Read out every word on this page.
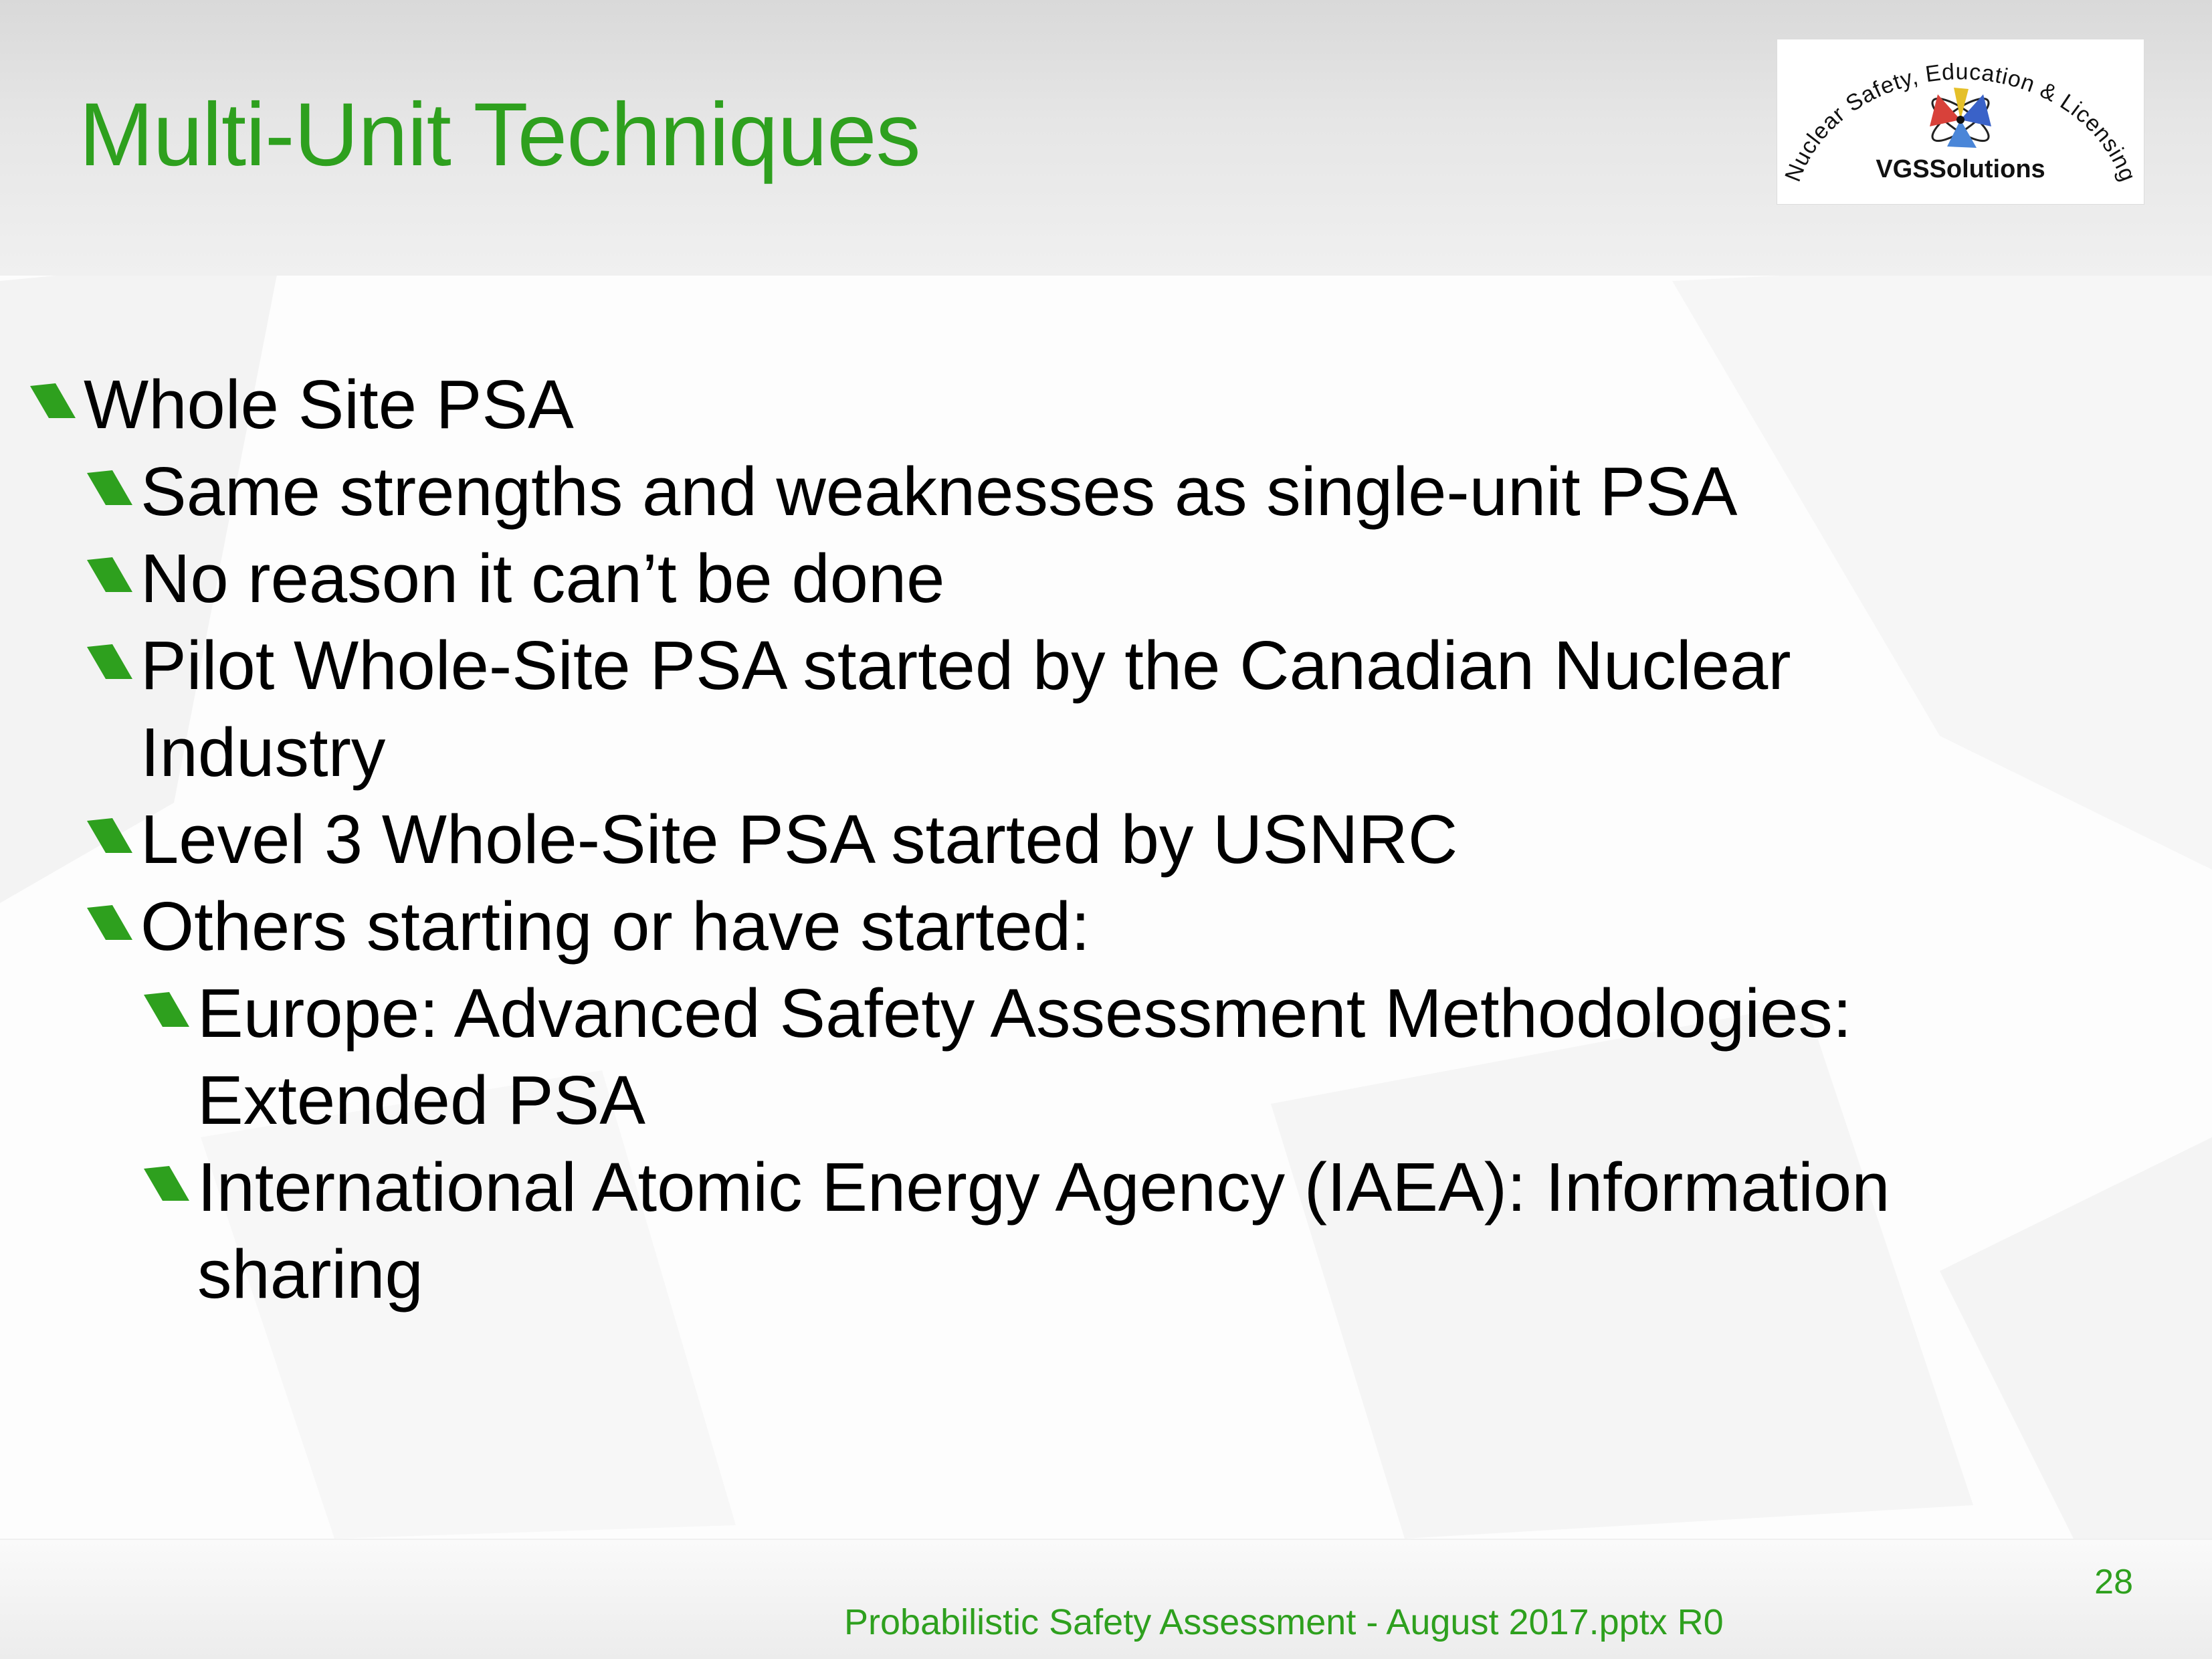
Multi-Unit Techniques	Nuclear Safety, Education & Licensing
VGSSolutions
Whole Site PSA
Same strengths and weaknesses as single-unit PSA
No reason it can’t be done
Pilot Whole-Site PSA started by the Canadian Nuclear
Industry
Level 3 Whole-Site PSA started by USNRC
Others starting or have started:
Europe: Advanced Safety Assessment Methodologies:
Extended PSA
International Atomic Energy Agency (IAEA): Information
sharing
28
Probabilistic Safety Assessment - August 2017.pptx R0
